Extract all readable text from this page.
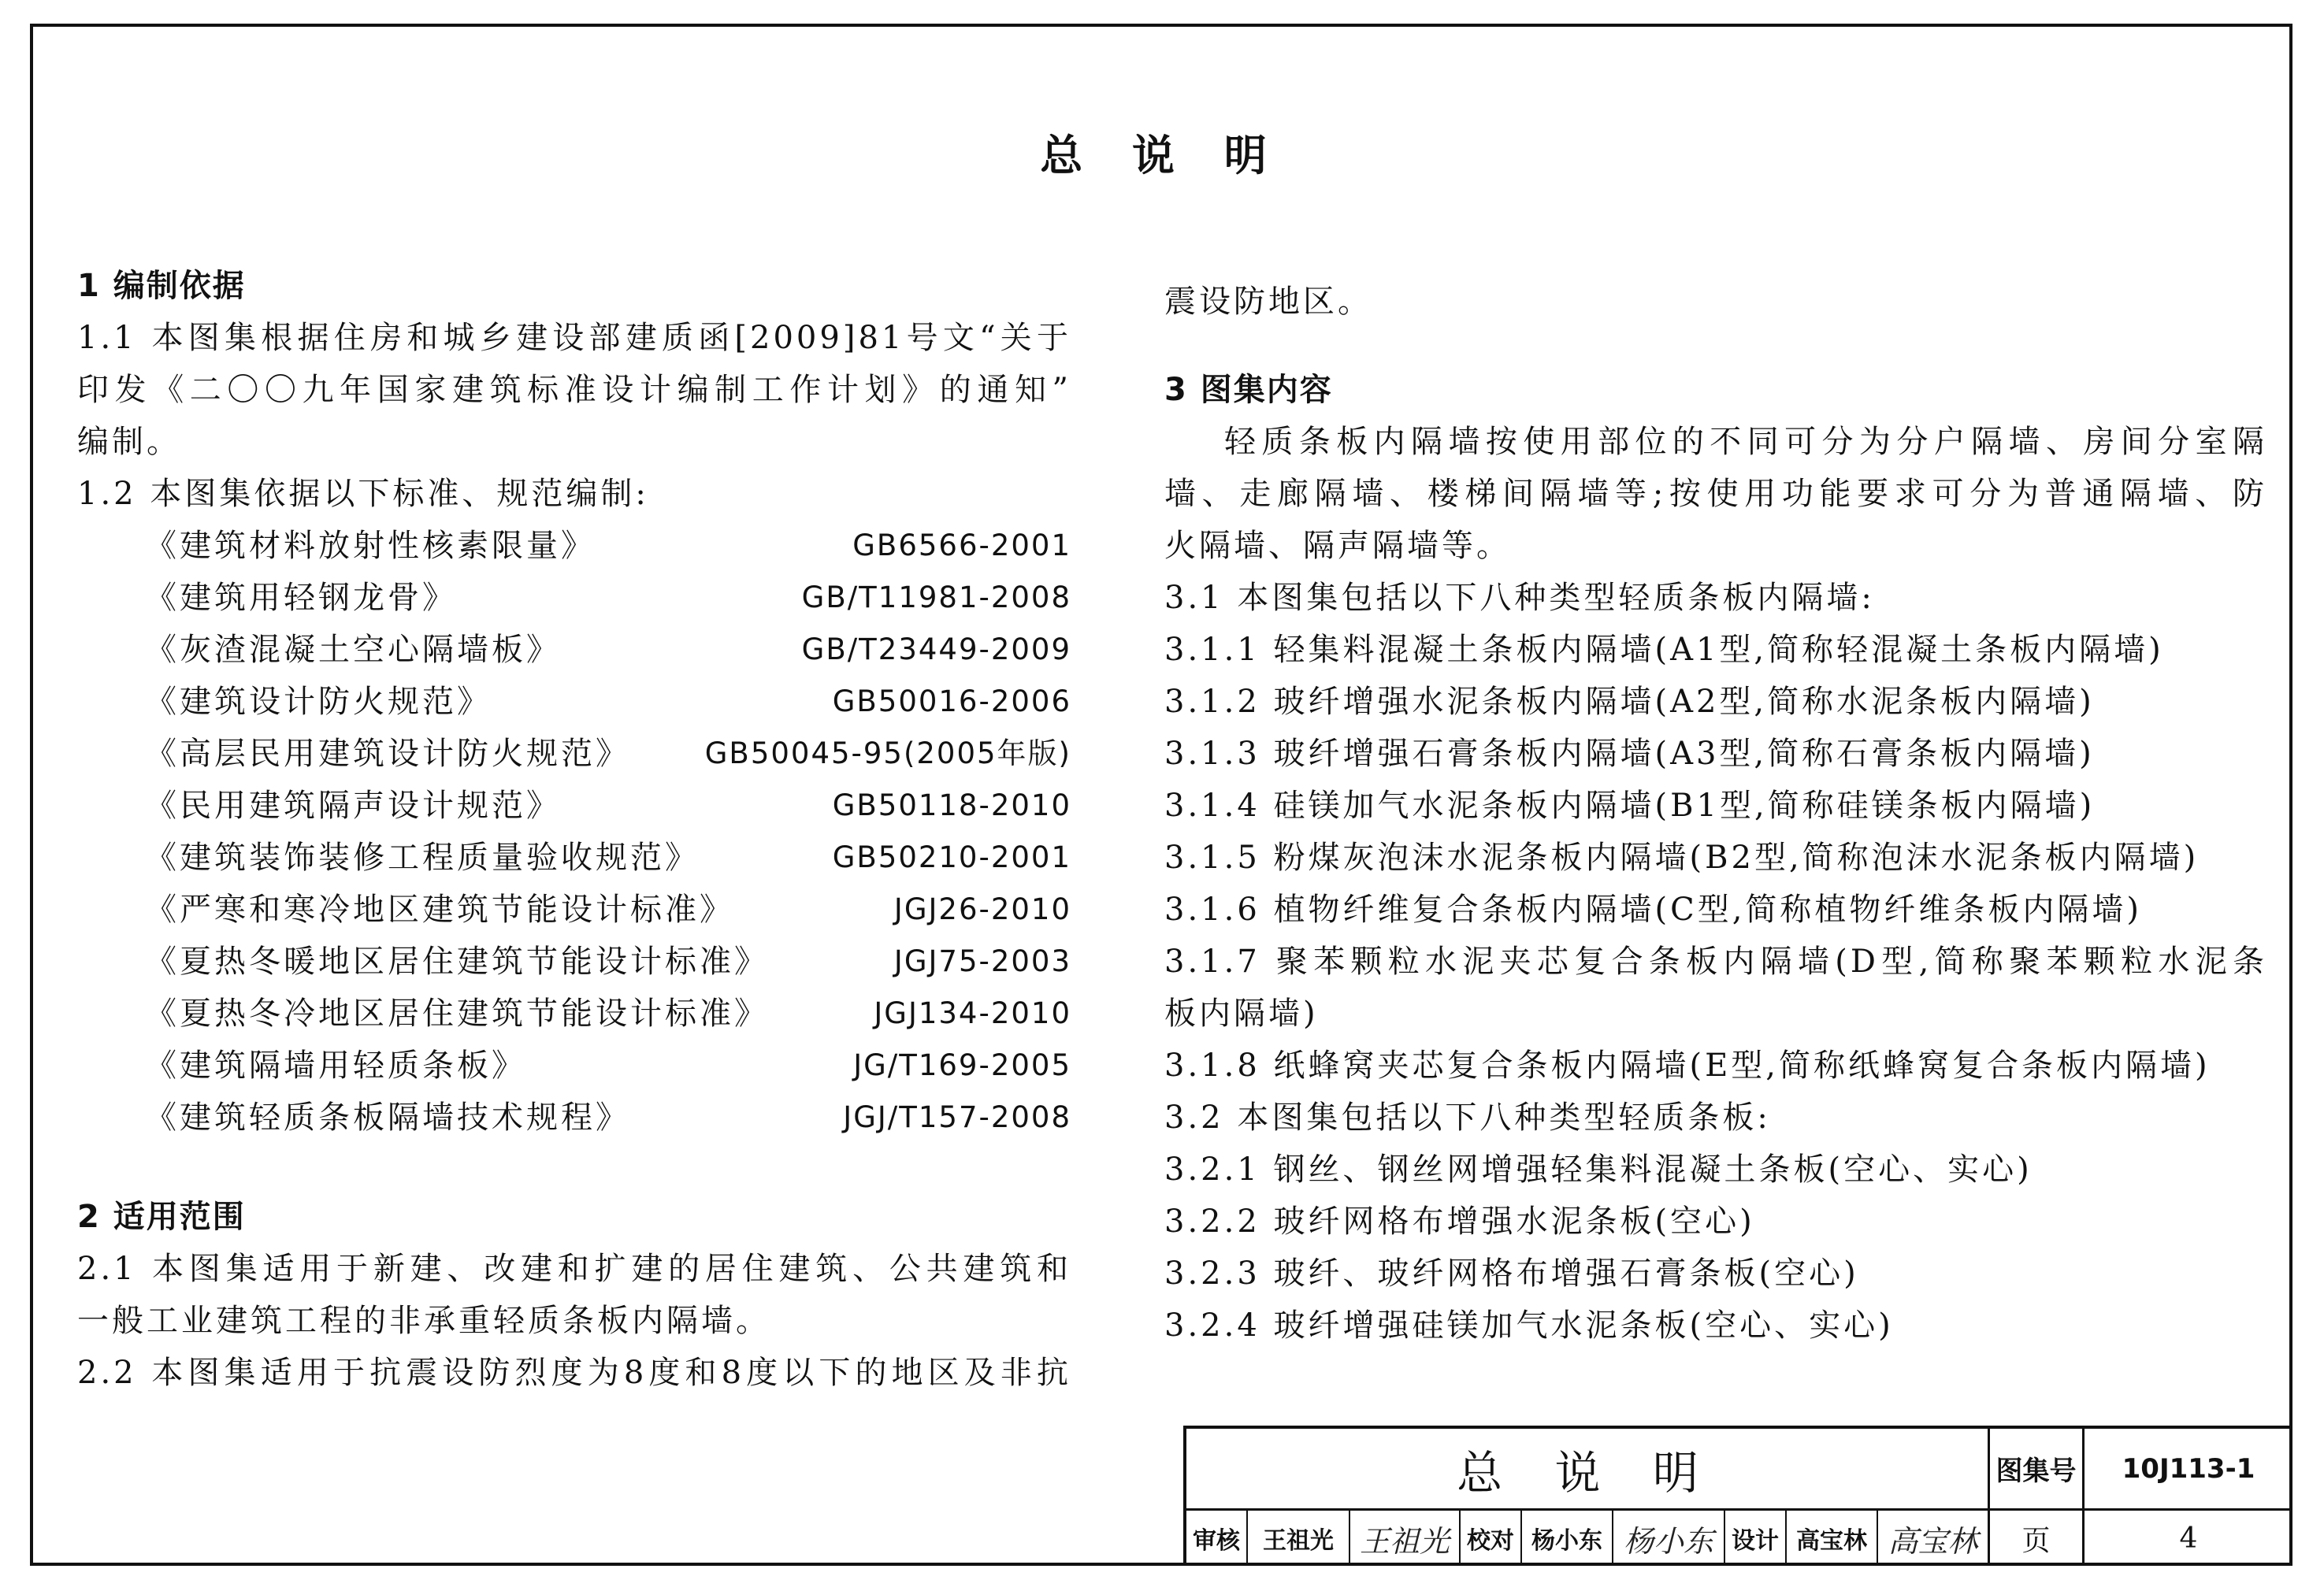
总 说 明
1 编制依据
1.1 本图集根据住房和城乡建设部建质函[2009]81号文“关于
印发《二〇〇九年国家建筑标准设计编制工作计划》的通知”
编制。
1.2 本图集依据以下标准、规范编制:
《建筑材料放射性核素限量》	GB6566-2001
《建筑用轻钢龙骨》	GB/T11981-2008
《灰渣混凝土空心隔墙板》	GB/T23449-2009
《建筑设计防火规范》	GB50016-2006
《高层民用建筑设计防火规范》	GB50045-95(2005年版)
《民用建筑隔声设计规范》	GB50118-2010
《建筑装饰装修工程质量验收规范》	GB50210-2001
《严寒和寒冷地区建筑节能设计标准》	JGJ26-2010
《夏热冬暖地区居住建筑节能设计标准》	JGJ75-2003
《夏热冬冷地区居住建筑节能设计标准》	JGJ134-2010
《建筑隔墙用轻质条板》	JG/T169-2005
《建筑轻质条板隔墙技术规程》	JGJ/T157-2008
2 适用范围
2.1 本图集适用于新建、改建和扩建的居住建筑、公共建筑和
一般工业建筑工程的非承重轻质条板内隔墙。
2.2 本图集适用于抗震设防烈度为8度和8度以下的地区及非抗
震设防地区。
3 图集内容
轻质条板内隔墙按使用部位的不同可分为分户隔墙、房间分室隔
墙、走廊隔墙、楼梯间隔墙等;按使用功能要求可分为普通隔墙、防
火隔墙、隔声隔墙等。
3.1 本图集包括以下八种类型轻质条板内隔墙:
3.1.1 轻集料混凝土条板内隔墙(A1型,简称轻混凝土条板内隔墙)
3.1.2 玻纤增强水泥条板内隔墙(A2型,简称水泥条板内隔墙)
3.1.3 玻纤增强石膏条板内隔墙(A3型,简称石膏条板内隔墙)
3.1.4 硅镁加气水泥条板内隔墙(B1型,简称硅镁条板内隔墙)
3.1.5 粉煤灰泡沫水泥条板内隔墙(B2型,简称泡沫水泥条板内隔墙)
3.1.6 植物纤维复合条板内隔墙(C型,简称植物纤维条板内隔墙)
3.1.7 聚苯颗粒水泥夹芯复合条板内隔墙(D型,简称聚苯颗粒水泥条
板内隔墙)
3.1.8 纸蜂窝夹芯复合条板内隔墙(E型,简称纸蜂窝复合条板内隔墙)
3.2 本图集包括以下八种类型轻质条板:
3.2.1 钢丝、钢丝网增强轻集料混凝土条板(空心、实心)
3.2.2 玻纤网格布增强水泥条板(空心)
3.2.3 玻纤、玻纤网格布增强石膏条板(空心)
3.2.4 玻纤增强硅镁加气水泥条板(空心、实心)
总 说 明	图集号	10J113-1
审核 王祖光 王祖光 校对 杨小东 杨小东 设计 高宝林 高宝林	页	4
